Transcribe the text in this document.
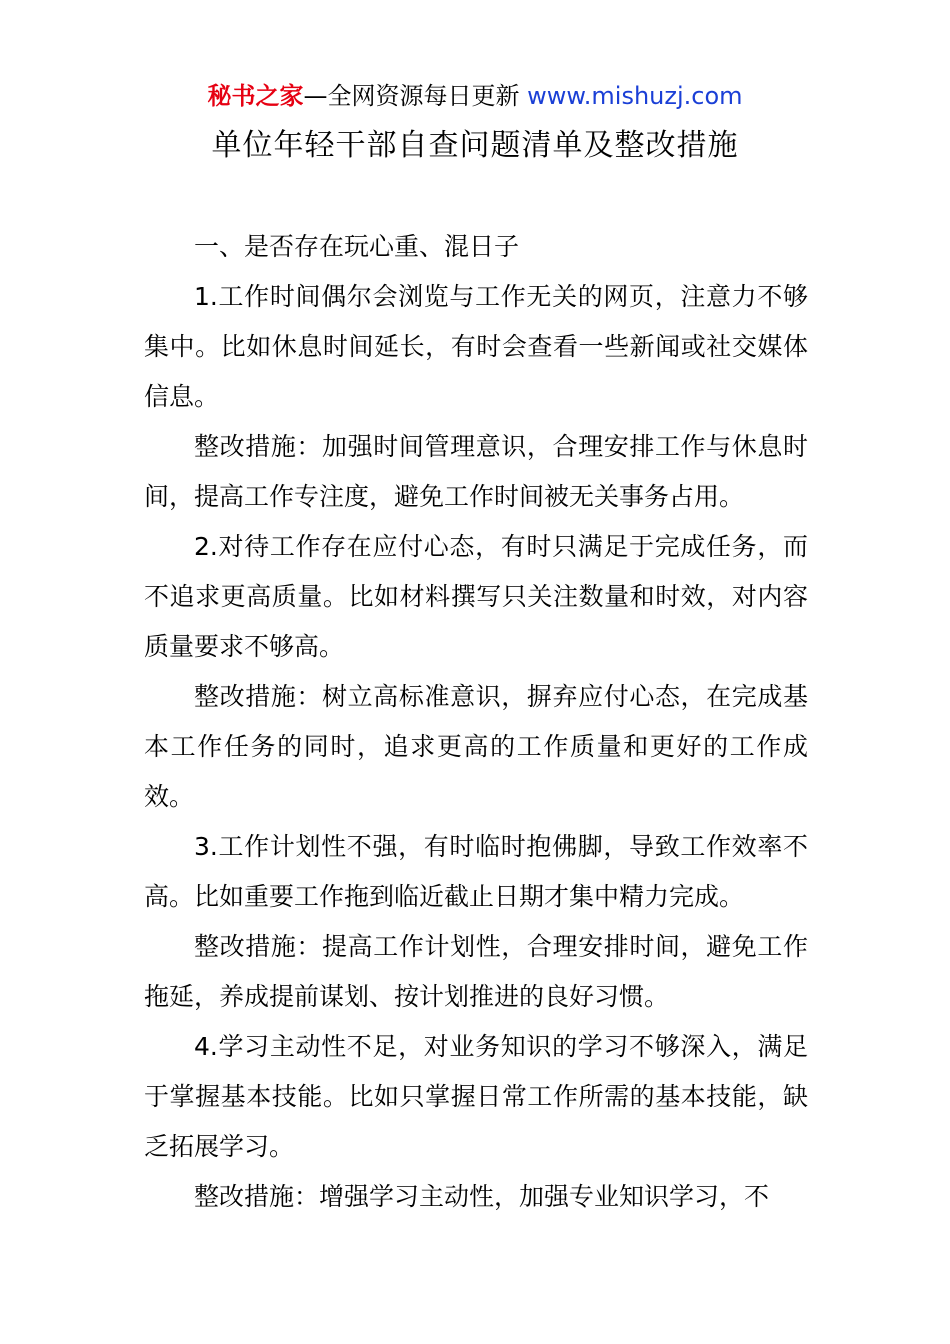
秘书之家—全网资源每日更新 www.mishuzj.com
单位年轻干部自查问题清单及整改措施

一、是否存在玩心重、混日子

1.工作时间偶尔会浏览与工作无关的网页，注意力不够集中。比如休息时间延长，有时会查看一些新闻或社交媒体信息。

整改措施：加强时间管理意识，合理安排工作与休息时间，提高工作专注度，避免工作时间被无关事务占用。

2.对待工作存在应付心态，有时只满足于完成任务，而不追求更高质量。比如材料撰写只关注数量和时效，对内容质量要求不够高。

整改措施：树立高标准意识，摒弃应付心态，在完成基本工作任务的同时，追求更高的工作质量和更好的工作成效。

3.工作计划性不强，有时临时抱佛脚，导致工作效率不高。比如重要工作拖到临近截止日期才集中精力完成。

整改措施：提高工作计划性，合理安排时间，避免工作拖延，养成提前谋划、按计划推进的良好习惯。

4.学习主动性不足，对业务知识的学习不够深入，满足于掌握基本技能。比如只掌握日常工作所需的基本技能，缺乏拓展学习。

整改措施：增强学习主动性，加强专业知识学习，不
